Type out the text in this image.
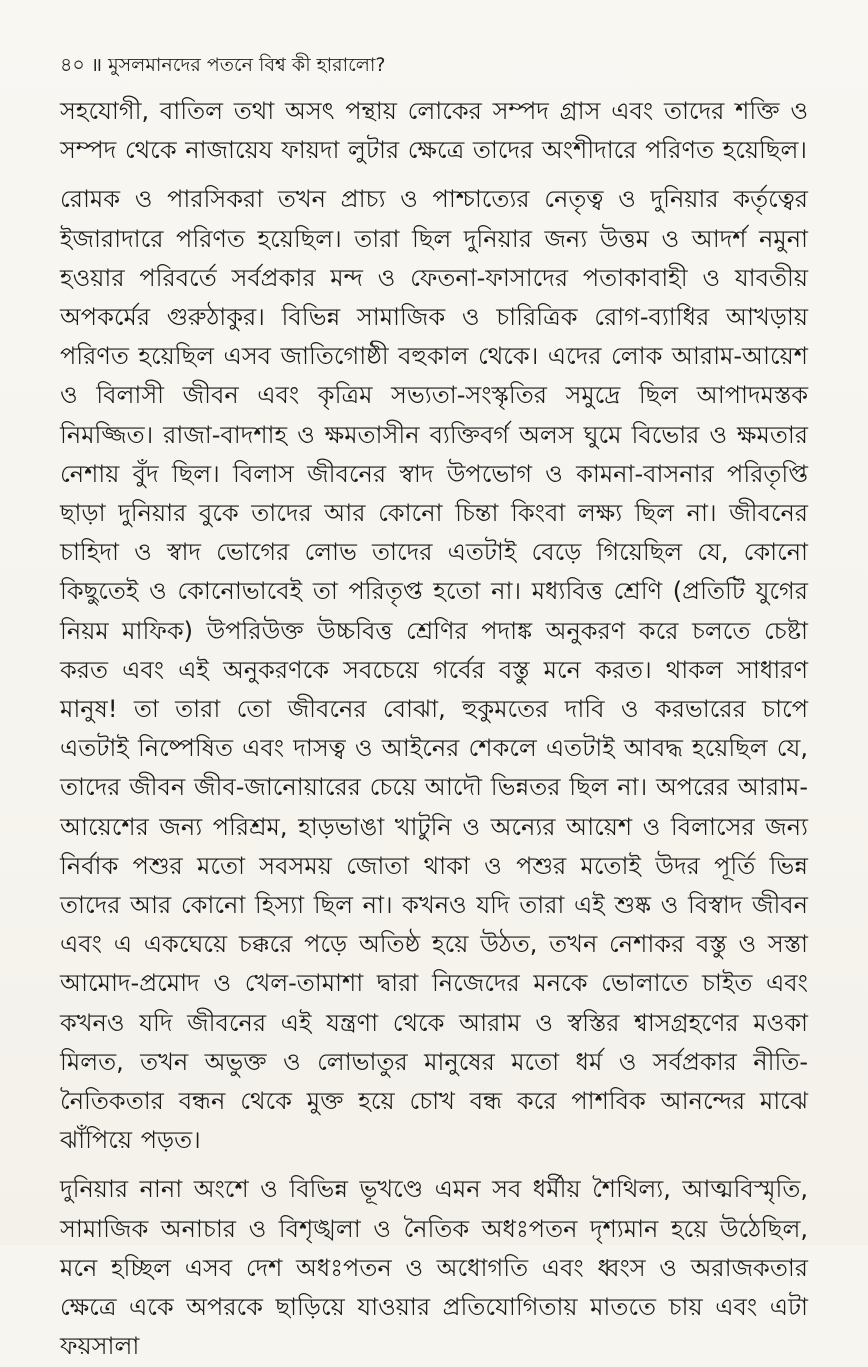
৪০ ॥ মুসলমানদের পতনে বিশ্ব কী হারালো?

সহযোগী, বাতিল তথা অসৎ পন্থায় লোকের সম্পদ গ্রাস এবং তাদের শক্তি ও সম্পদ থেকে নাজায়েয ফায়দা লুটার ক্ষেত্রে তাদের অংশীদারে পরিণত হয়েছিল।

রোমক ও পারসিকরা তখন প্রাচ্য ও পাশ্চাত্যের নেতৃত্ব ও দুনিয়ার কর্তৃত্বের ইজারাদারে পরিণত হয়েছিল। তারা ছিল দুনিয়ার জন্য উত্তম ও আদর্শ নমুনা হওয়ার পরিবর্তে সর্বপ্রকার মন্দ ও ফেতনা-ফাসাদের পতাকাবাহী ও যাবতীয় অপকর্মের গুরুঠাকুর। বিভিন্ন সামাজিক ও চারিত্রিক রোগ-ব্যাধির আখড়ায় পরিণত হয়েছিল এসব জাতিগোষ্ঠী বহুকাল থেকে। এদের লোক আরাম-আয়েশ ও বিলাসী জীবন এবং কৃত্রিম সভ্যতা-সংস্কৃতির সমুদ্রে ছিল আপাদমস্তক নিমজ্জিত। রাজা-বাদশাহ ও ক্ষমতাসীন ব্যক্তিবর্গ অলস ঘুমে বিভোর ও ক্ষমতার নেশায় বুঁদ ছিল। বিলাস জীবনের স্বাদ উপভোগ ও কামনা-বাসনার পরিতৃপ্তি ছাড়া দুনিয়ার বুকে তাদের আর কোনো চিন্তা কিংবা লক্ষ্য ছিল না। জীবনের চাহিদা ও স্বাদ ভোগের লোভ তাদের এতটাই বেড়ে গিয়েছিল যে, কোনো কিছুতেই ও কোনোভাবেই তা পরিতৃপ্ত হতো না। মধ্যবিত্ত শ্রেণি (প্রতিটি যুগের নিয়ম মাফিক) উপরিউক্ত উচ্চবিত্ত শ্রেণির পদাঙ্ক অনুকরণ করে চলতে চেষ্টা করত এবং এই অনুকরণকে সবচেয়ে গর্বের বস্তু মনে করত। থাকল সাধারণ মানুষ! তা তারা তো জীবনের বোঝা, হুকুমতের দাবি ও করভারের চাপে এতটাই নিষ্পেষিত এবং দাসত্ব ও আইনের শেকলে এতটাই আবদ্ধ হয়েছিল যে, তাদের জীবন জীব-জানোয়ারের চেয়ে আদৌ ভিন্নতর ছিল না। অপরের আরাম-আয়েশের জন্য পরিশ্রম, হাড়ভাঙা খাটুনি ও অন্যের আয়েশ ও বিলাসের জন্য নির্বাক পশুর মতো সবসময় জোতা থাকা ও পশুর মতোই উদর পূর্তি ভিন্ন তাদের আর কোনো হিস্যা ছিল না। কখনও যদি তারা এই শুষ্ক ও বিস্বাদ জীবন এবং এ একঘেয়ে চক্করে পড়ে অতিষ্ঠ হয়ে উঠত, তখন নেশাকর বস্তু ও সস্তা আমোদ-প্রমোদ ও খেল-তামাশা দ্বারা নিজেদের মনকে ভোলাতে চাইত এবং কখনও যদি জীবনের এই যন্ত্রণা থেকে আরাম ও স্বস্তির শ্বাসগ্রহণের মওকা মিলত, তখন অভুক্ত ও লোভাতুর মানুষের মতো ধর্ম ও সর্বপ্রকার নীতি-নৈতিকতার বন্ধন থেকে মুক্ত হয়ে চোখ বন্ধ করে পাশবিক আনন্দের মাঝে ঝাঁপিয়ে পড়ত।

দুনিয়ার নানা অংশে ও বিভিন্ন ভূখণ্ডে এমন সব ধর্মীয় শৈথিল্য, আত্মবিস্মৃতি, সামাজিক অনাচার ও বিশৃঙ্খলা ও নৈতিক অধঃপতন দৃশ্যমান হয়ে উঠেছিল, মনে হচ্ছিল এসব দেশ অধঃপতন ও অধোগতি এবং ধ্বংস ও অরাজকতার ক্ষেত্রে একে অপরকে ছাড়িয়ে যাওয়ার প্রতিযোগিতায় মাততে চায় এবং এটা ফয়সালা
